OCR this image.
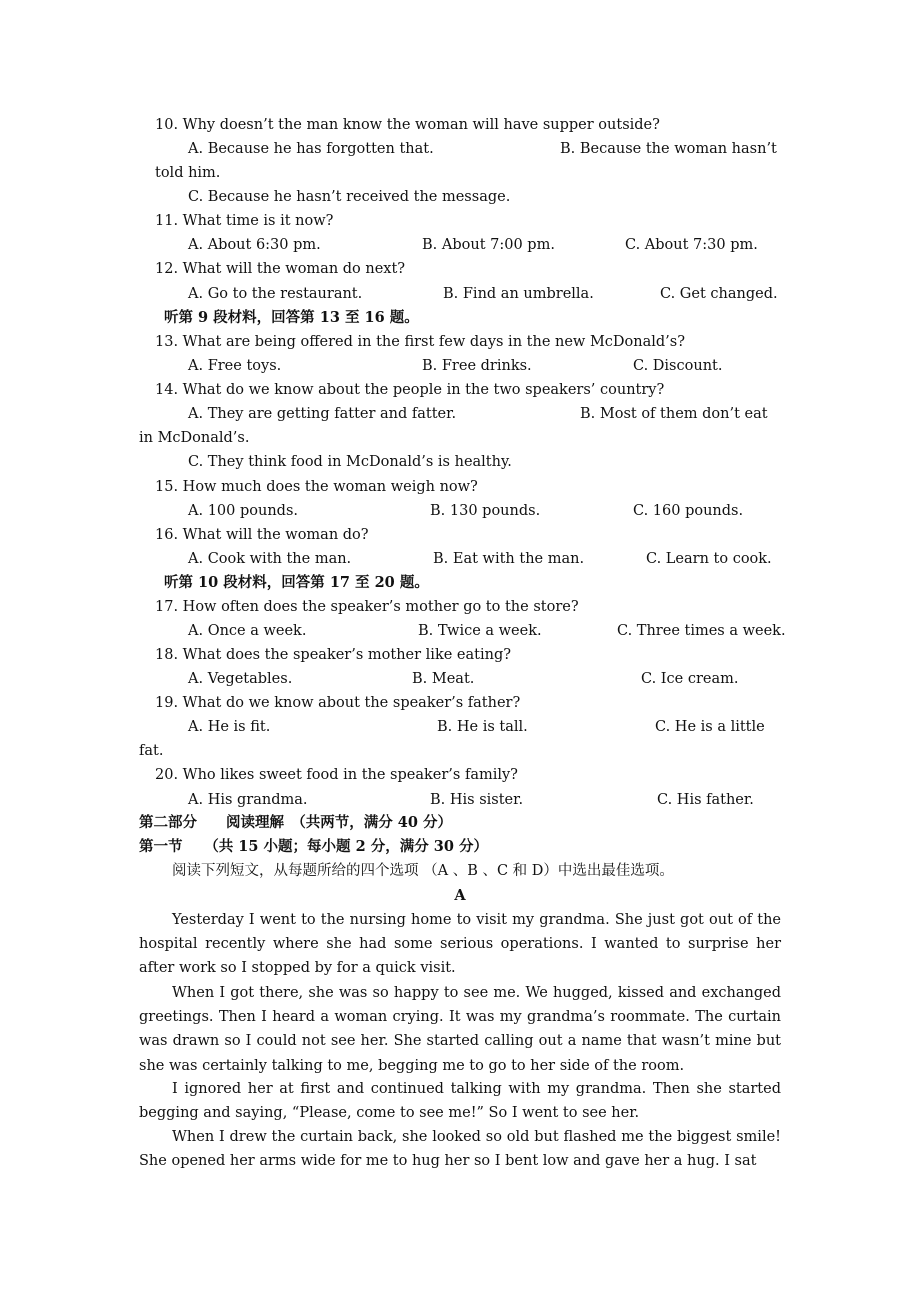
10. Why doesn’t the man know the woman will have supper outside?
A. Because he has forgotten that.	B. Because the woman hasn’t
told him.
C. Because he hasn’t received the message.
11. What time is it now?
A. About 6:30 pm.	B. About 7:00 pm.	C. About 7:30 pm.
12. What will the woman do next?
A. Go to the restaurant.	B. Find an umbrella.	C. Get changed.
听第 9 段材料，回答第 13 至 16 题。
13. What are being offered in the first few days in the new McDonald’s?
A. Free toys.	B. Free drinks.	C. Discount.
14. What do we know about the people in the two speakers’ country?
A. They are getting fatter and fatter.	B. Most of them don’t eat
in McDonald’s.
C. They think food in McDonald’s is healthy.
15. How much does the woman weigh now?
A. 100 pounds.	B. 130 pounds.	C. 160 pounds.
16. What will the woman do?
A. Cook with the man.	B. Eat with the man.	C. Learn to cook.
听第 10 段材料，回答第 17 至 20 题。
17. How often does the speaker’s mother go to the store?
A. Once a week.	B. Twice a week.	C. Three times a week.
18. What does the speaker’s mother like eating?
A. Vegetables.	B. Meat.	C. Ice cream.
19. What do we know about the speaker’s father?
A. He is fit.	B. He is tall.	C. He is a little
fat.
20. Who likes sweet food in the speaker’s family?
A. His grandma.	B. His sister.	C. His father.
第二部分　　阅读理解　（共两节，满分 40 分）
第一节　　（共 15 小题；每小题 2 分，满分 30 分）
阅读下列短文，从每题所给的四个选项 （A 、B 、C 和 D）中选出最佳选项。
A
Yesterday I went to the nursing home to visit my grandma. She just got out of the hospital recently where she had some serious operations. I wanted to surprise her after work so I stopped by for a quick visit.
When I got there, she was so happy to see me. We hugged, kissed and exchanged greetings. Then I heard a woman crying. It was my grandma’s roommate. The curtain was drawn so I could not see her. She started calling out a name that wasn’t mine but she was certainly talking to me, begging me to go to her side of the room.
I ignored her at first and continued talking with my grandma. Then she started begging and saying, “Please, come to see me!” So I went to see her.
When I drew the curtain back, she looked so old but flashed me the biggest smile! She opened her arms wide for me to hug her so I bent low and gave her a hug. I sat
